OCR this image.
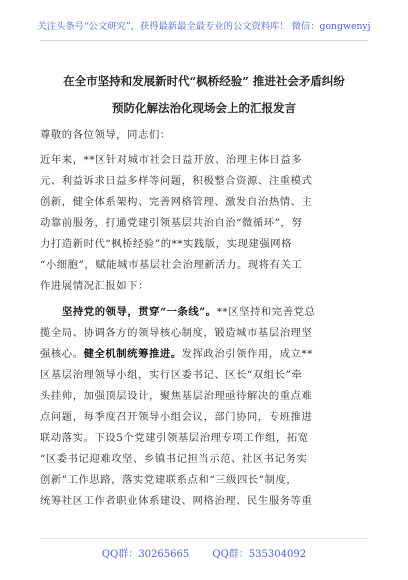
关注头条号“公文研究”，获得最新最全最专业的公文资料库！ 微信：gongwenyj
在全市坚持和发展新时代“枫桥经验” 推进社会矛盾纠纷
预防化解法治化现场会上的汇报发言
尊敬的各位领导，同志们：
近年来，**区针对城市社会日益开放、治理主体日益多
元、利益诉求日益多样等问题，积极整合资源、注重模式
创新，健全体系架构、完善网格管理、激发自治热情、主
动靠前服务，打通党建引领基层共治自治“微循环”，努
力打造新时代“枫桥经验”的**实践版，实现建强网格
“小细胞”，赋能城市基层社会治理新活力。现将有关工
作进展情况汇报如下：
坚持党的领导，贯穿“一条线”。**区坚持和完善党总
揽全局、协调各方的领导核心制度，锻造城市基层治理坚
强核心。健全机制统筹推进。发挥政治引领作用，成立**
区基层治理领导小组，实行区委书记、区长“双组长”牵
头挂帅，加强顶层设计，聚焦基层治理亟待解决的重点难
点问题，每季度召开领导小组会议，部门协同，专班推进
联动落实。下设5个党建引领基层治理专项工作组，拓宽
“区委书记迎难攻坚、乡镇书记担当示范、社区书记务实
创新”工作思路，落实党建联系点和“三级四长”制度，
统筹社区工作者职业体系建设、网格治理、民生服务等重
QQ群：30265665 QQ群：535304092
